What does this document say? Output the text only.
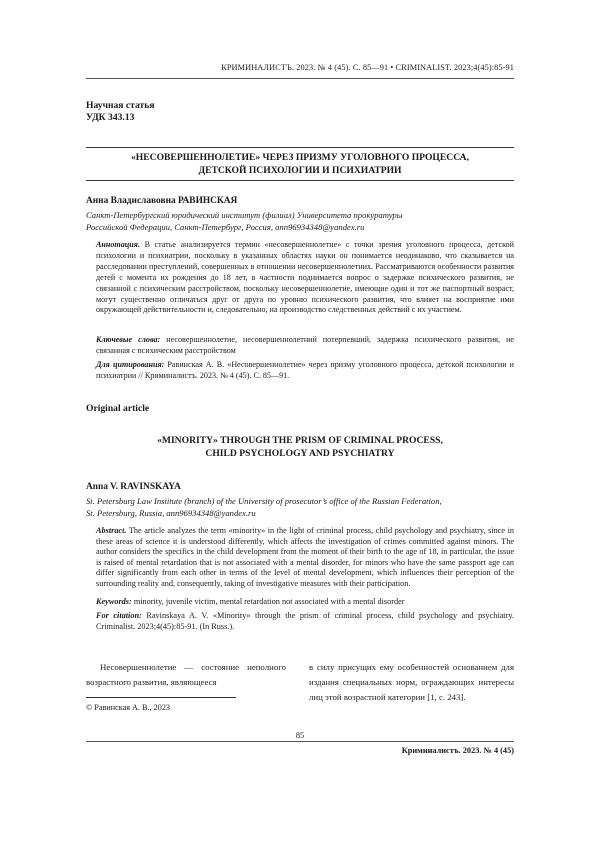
КРИМИНАЛИСТЪ. 2023. № 4 (45). С. 85—91 • CRIMINALIST. 2023;4(45):85-91
Научная статья
УДК 343.13
«НЕСОВЕРШЕННОЛЕТИЕ» ЧЕРЕЗ ПРИЗМУ УГОЛОВНОГО ПРОЦЕССА,
ДЕТСКОЙ ПСИХОЛОГИИ И ПСИХИАТРИИ
Анна Владиславовна РАВИНСКАЯ
Санкт-Петербургский юридический институт (филиал) Университета прокуратуры
Российской Федерации, Санкт-Петербург, Россия, ann96934348@yandex.ru
Аннотация. В статье анализируется термин «несовершеннолетие» с точки зрения уголовного процесса, детской психологии и психиатрии, поскольку в указанных областях науки он понимается неодинаково, что сказывается на расследовании преступлений, совершенных в отношении несовершеннолетних. Рассматриваются особенности развития детей с момента их рождения до 18 лет, в частности поднимается вопрос о задержке психического развития, не связанной с психическим расстройством, поскольку несовершеннолетие, имеющие один и тот же паспортный возраст, могут существенно отличаться друг от друга по уровню психического развития, что влияет на восприятие ими окружающей действительности и, следовательно, на производство следственных действий с их участием.
Ключевые слова: несовершеннолетие, несовершеннолетний потерпевший, задержка психического развития, не связанная с психическим расстройством
Для цитирования: Равинская А. В. «Несовершеннолетие» через призму уголовного процесса, детской психологии и психиатрии // Криминалистъ. 2023. № 4 (45). С. 85—91.
Original article
«MINORITY» THROUGH THE PRISM OF CRIMINAL PROCESS,
CHILD PSYCHOLOGY AND PSYCHIATRY
Anna V. RAVINSKAYA
St. Petersburg Law Institute (branch) of the University of prosecutor’s office of the Russian Federation,
St. Petersburg, Russia, ann96934348@yandex.ru
Abstract. The article analyzes the term «minority» in the light of criminal process, child psychology and psychiatry, since in these areas of science it is understood differently, which affects the investigation of crimes committed against minors. The author considers the specifics in the child development from the moment of their birth to the age of 18, in particular, the issue is raised of mental retardation that is not associated with a mental disorder, for minors who have the same passport age can differ significantly from each other in terms of the level of mental development, which influences their perception of the surrounding reality and, consequently, taking of investigative measures with their participation.
Keywords: minority, juvenile victim, mental retardation not associated with a mental disorder
For citation: Ravinskaya A. V. «Minority» through the prism of criminal process, child psychology and psychiatry. Criminalist. 2023;4(45):85-91. (In Russ.).
Несовершеннолетие — состояние неполного возрастного развития, являющееся
в силу присущих ему особенностей основанием для издания специальных норм, ограждающих интересы лиц этой возрастной категории [1, с. 243].
© Равинская А. В., 2023
85
Криминалистъ. 2023. № 4 (45)
